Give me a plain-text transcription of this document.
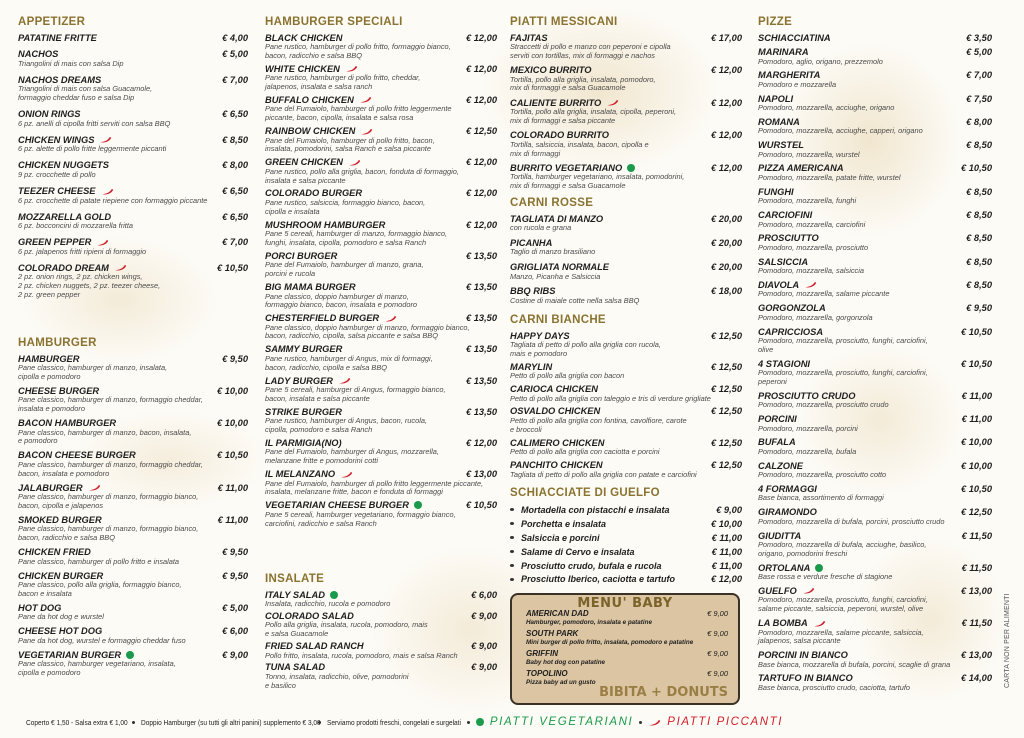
APPETIZER
PATATINE FRITTE	€ 4,00
NACHOS	€ 5,00
Triangolini di mais con salsa Dip
NACHOS DREAMS	€ 7,00
Triangolini di mais con salsa Guacamole,
formaggio cheddar fuso e salsa Dip
ONION RINGS	€ 6,50
6 pz. anelli di cipolla fritti serviti con salsa BBQ
CHICKEN WINGS	€ 8,50
6 pz. alette di pollo fritte leggermente piccanti
CHICKEN NUGGETS	€ 8,00
9 pz. crocchette di pollo
TEEZER CHEESE	€ 6,50
6 pz. crocchette di patate riepiene con formaggio piccante
MOZZARELLA GOLD	€ 6,50
6 pz. bocconcini di mozzarella fritta
GREEN PEPPER	€ 7,00
6 pz. jalapenos fritti ripieni di formaggio
COLORADO DREAM	€ 10,50
2 pz. onion rings, 2 pz. chicken wings,
2 pz. chicken nuggets, 2 pz. teezer cheese,
2 pz. green pepper
HAMBURGER
HAMBURGER	€ 9,50
Pane classico, hamburger di manzo, insalata,
cipolla e pomodoro
CHEESE BURGER	€ 10,00
Pane classico, hamburger di manzo, formaggio cheddar,
insalata e pomodoro
BACON HAMBURGER	€ 10,00
Pane classico, hamburger di manzo, bacon, insalata,
e pomodoro
BACON CHEESE BURGER	€ 10,50
Pane classico, hamburger di manzo, formaggio cheddar,
bacon, insalata e pomodoro
JALABURGER	€ 11,00
Pane classico, hamburger di manzo, formaggio bianco,
bacon, cipolla e jalapenos
SMOKED BURGER	€ 11,00
Pane classico, hamburger di manzo, formaggio bianco,
bacon, radicchio e salsa BBQ
CHICKEN FRIED	€ 9,50
Pane classico, hamburger di pollo fritto e insalata
CHICKEN BURGER	€ 9,50
Pane classico, pollo alla griglia, formaggio bianco,
bacon e insalata
HOT DOG	€ 5,00
Pane da hot dog e wurstel
CHEESE HOT DOG	€ 6,00
Pane da hot dog, wurstel e formaggio cheddar fuso
VEGETARIAN BURGER	€ 9,00
Pane classico, hamburger vegetariano, insalata,
cipolla e pomodoro
HAMBURGER SPECIALI
BLACK CHICKEN	€ 12,00
Pane rustico, hamburger di pollo fritto, formaggio bianco,
bacon, radicchio e salsa BBQ
WHITE CHICKEN	€ 12,00
Pane rustico, hamburger di pollo fritto, cheddar,
jalapenos, insalata e salsa ranch
BUFFALO CHICKEN	€ 12,00
Pane del Fumaiolo, hamburger di pollo fritto leggermente
piccante, bacon, cipolla, insalata e salsa rosa
RAINBOW CHICKEN	€ 12,50
Pane del Fumaiolo, hamburger di pollo fritto, bacon,
insalata, pomodorini, salsa Ranch e salsa piccante
GREEN CHICKEN	€ 12,00
Pane rustico, pollo alla griglia, bacon, fonduta di formaggio,
insalata e salsa piccante
COLORADO BURGER	€ 12,00
Pane rustico, salsiccia, formaggio bianco, bacon,
cipolla e insalata
MUSHROOM HAMBURGER	€ 12,00
Pane 5 cereali, hamburger di manzo, formaggio bianco,
funghi, insalata, cipolla, pomodoro e salsa Ranch
PORCI BURGER	€ 13,50
Pane del Fumaiolo, hamburger di manzo, grana,
porcini e rucola
BIG MAMA BURGER	€ 13,50
Pane classico, doppio hamburger di manzo,
formaggio bianco, bacon, insalata e pomodoro
CHESTERFIELD BURGER	€ 13,50
Pane classico, doppio hamburger di manzo, formaggio bianco,
bacon, radicchio, cipolla, salsa piccante e salsa BBQ
SAMMY BURGER	€ 13,50
Pane rustico, hamburger di Angus, mix di formaggi,
bacon, radicchio, cipolla e salsa BBQ
LADY BURGER	€ 13,50
Pane 5 cereali, hamburger di Angus, formaggio bianco,
bacon, insalata e salsa piccante
STRIKE BURGER	€ 13,50
Pane rustico, hamburger di Angus, bacon, rucola,
cipolla, pomodoro e salsa Ranch
IL PARMIGIA(NO)	€ 12,00
Pane del Fumaiolo, hamburger di Angus, mozzarella,
melanzane fritte e pomodorini cotti
IL MELANZANO	€ 13,00
Pane del Fumaiolo, hamburger di pollo fritto leggermente piccante,
insalata, melanzane fritte, bacon e fonduta di formaggi
VEGETARIAN CHEESE BURGER	€ 10,50
Pane 5 cereali, hamburger vegetariano, formaggio bianco,
carciofini, radicchio e salsa Ranch
INSALATE
ITALY SALAD	€ 6,00
Insalata, radicchio, rucola e pomodoro
COLORADO SALAD	€ 9,00
Pollo alla griglia, insalata, rucola, pomodoro, mais
e salsa Guacamole
FRIED SALAD RANCH	€ 9,00
Pollo fritto, insalata, rucola, pomodoro, mais e salsa Ranch
TUNA SALAD	€ 9,00
Tonno, insalata, radicchio, olive, pomodorini
e basilico
PIATTI MESSICANI
FAJITAS	€ 17,00
Straccetti di pollo e manzo con peperoni e cipolla
serviti con tortillas, mix di formaggi e nachos
MEXICO BURRITO	€ 12,00
Tortilla, pollo alla griglia, insalata, pomodoro,
mix di formaggi e salsa Guacamole
CALIENTE BURRITO	€ 12,00
Tortilla, pollo alla griglia, insalata, cipolla, peperoni,
mix di formaggi e salsa piccante
COLORADO BURRITO	€ 12,00
Tortilla, salsiccia, insalata, bacon, cipolla e
mix di formaggi
BURRITO VEGETARIANO	€ 12,00
Tortilla, hamburger vegetariano, insalata, pomodorini,
mix di formaggi e salsa Guacamole
CARNI ROSSE
TAGLIATA DI MANZO	€ 20,00
con rucola e grana
PICANHA	€ 20,00
Taglio di manzo brasiliano
GRIGLIATA NORMALE	€ 20,00
Manzo, Picanha e Salsiccia
BBQ RIBS	€ 18,00
Costine di maiale cotte nella salsa BBQ
CARNI BIANCHE
HAPPY DAYS	€ 12,50
Tagliata di petto di pollo alla griglia con rucola,
mais e pomodoro
MARYLIN	€ 12,50
Petto di pollo alla griglia con bacon
CARIOCA CHICKEN	€ 12,50
Petto di pollo alla griglia con taleggio e tris di verdure grigliate
OSVALDO CHICKEN	€ 12,50
Petto di pollo alla griglia con fontina, cavolfiore, carote
e broccoli
CALIMERO CHICKEN	€ 12,50
Petto di pollo alla griglia con caciotta e porcini
PANCHITO CHICKEN	€ 12,50
Tagliata di petto di pollo alla griglia con patate e carciofini
SCHIACCIATE DI GUELFO
Mortadella con pistacchi e insalata	€ 9,00
Porchetta e insalata	€ 10,00
Salsiccia e porcini	€ 11,00
Salame di Cervo e insalata	€ 11,00
Prosciutto crudo, bufala e rucola	€ 11,00
Prosciutto Iberico, caciotta e tartufo	€ 12,00
PIZZE
SCHIACCIATINA	€ 3,50
MARINARA	€ 5,00
Pomodoro, aglio, origano, prezzemolo
MARGHERITA	€ 7,00
Pomodoro e mozzarella
NAPOLI	€ 7,50
Pomodoro, mozzarella, acciughe, origano
ROMANA	€ 8,00
Pomodoro, mozzarella, acciughe, capperi, origano
WURSTEL	€ 8,50
Pomodoro, mozzarella, wurstel
PIZZA AMERICANA	€ 10,50
Pomodoro, mozzarella, patate fritte, wurstel
FUNGHI	€ 8,50
Pomodoro, mozzarella, funghi
CARCIOFINI	€ 8,50
Pomodoro, mozzarella, carciofini
PROSCIUTTO	€ 8,50
Pomodoro, mozzarella, prosciutto
SALSICCIA	€ 8,50
Pomodoro, mozzarella, salsiccia
DIAVOLA	€ 8,50
Pomodoro, mozzarella, salame piccante
GORGONZOLA	€ 9,50
Pomodoro, mozzarella, gorgonzola
CAPRICCIOSA	€ 10,50
Pomodoro, mozzarella, prosciutto, funghi, carciofini,
olive
4 STAGIONI	€ 10,50
Pomodoro, mozzarella, prosciutto, funghi, carciofini,
peperoni
PROSCIUTTO CRUDO	€ 11,00
Pomodoro, mozzarella, prosciutto crudo
PORCINI	€ 11,00
Pomodoro, mozzarella, porcini
BUFALA	€ 10,00
Pomodoro, mozzarella, bufala
CALZONE	€ 10,00
Pomodoro, mozzarella, prosciutto cotto
4 FORMAGGI	€ 10,50
Base bianca, assortimento di formaggi
GIRAMONDO	€ 12,50
Pomodoro, mozzarella di bufala, porcini, prosciutto crudo
GIUDITTA	€ 11,50
Pomodoro, mozzarella di bufala, acciughe, basilico,
origano, pomodorini freschi
ORTOLANA	€ 11,50
Base rossa e verdure fresche di stagione
GUELFO	€ 13,00
Pomodoro, mozzarella, prosciutto, funghi, carciofini,
salame piccante, salsiccia, peperoni, wurstel, olive
LA BOMBA	€ 11,50
Pomodoro, mozzarella, salame piccante, salsiccia,
jalapenos, salsa piccante
PORCINI IN BIANCO	€ 13,00
Base bianca, mozzarella di bufala, porcini, scaglie di grana
TARTUFO IN BIANCO	€ 14,00
Base bianca, prosciutto crudo, caciotta, tartufo
MENU' BABY
AMERICAN DAD	€ 9,00
Hamburger, pomodoro, insalata e patatine
SOUTH PARK	€ 9,00
Mini burger di pollo fritto, insalata, pomodoro e patatine
GRIFFIN	€ 9,00
Baby hot dog con patatine
TOPOLINO	€ 9,00
Pizza baby ad un gusto
BIBITA + DONUTS
CARTA NON PER ALIMENTI
Coperto € 1,50 - Salsa extra € 1,00 Doppio Hamburger (su tutti gli altri panini) supplemento € 3,00 Serviamo prodotti freschi, congelati e surgelati	PIATTI VEGETARIANI	PIATTI PICCANTI
